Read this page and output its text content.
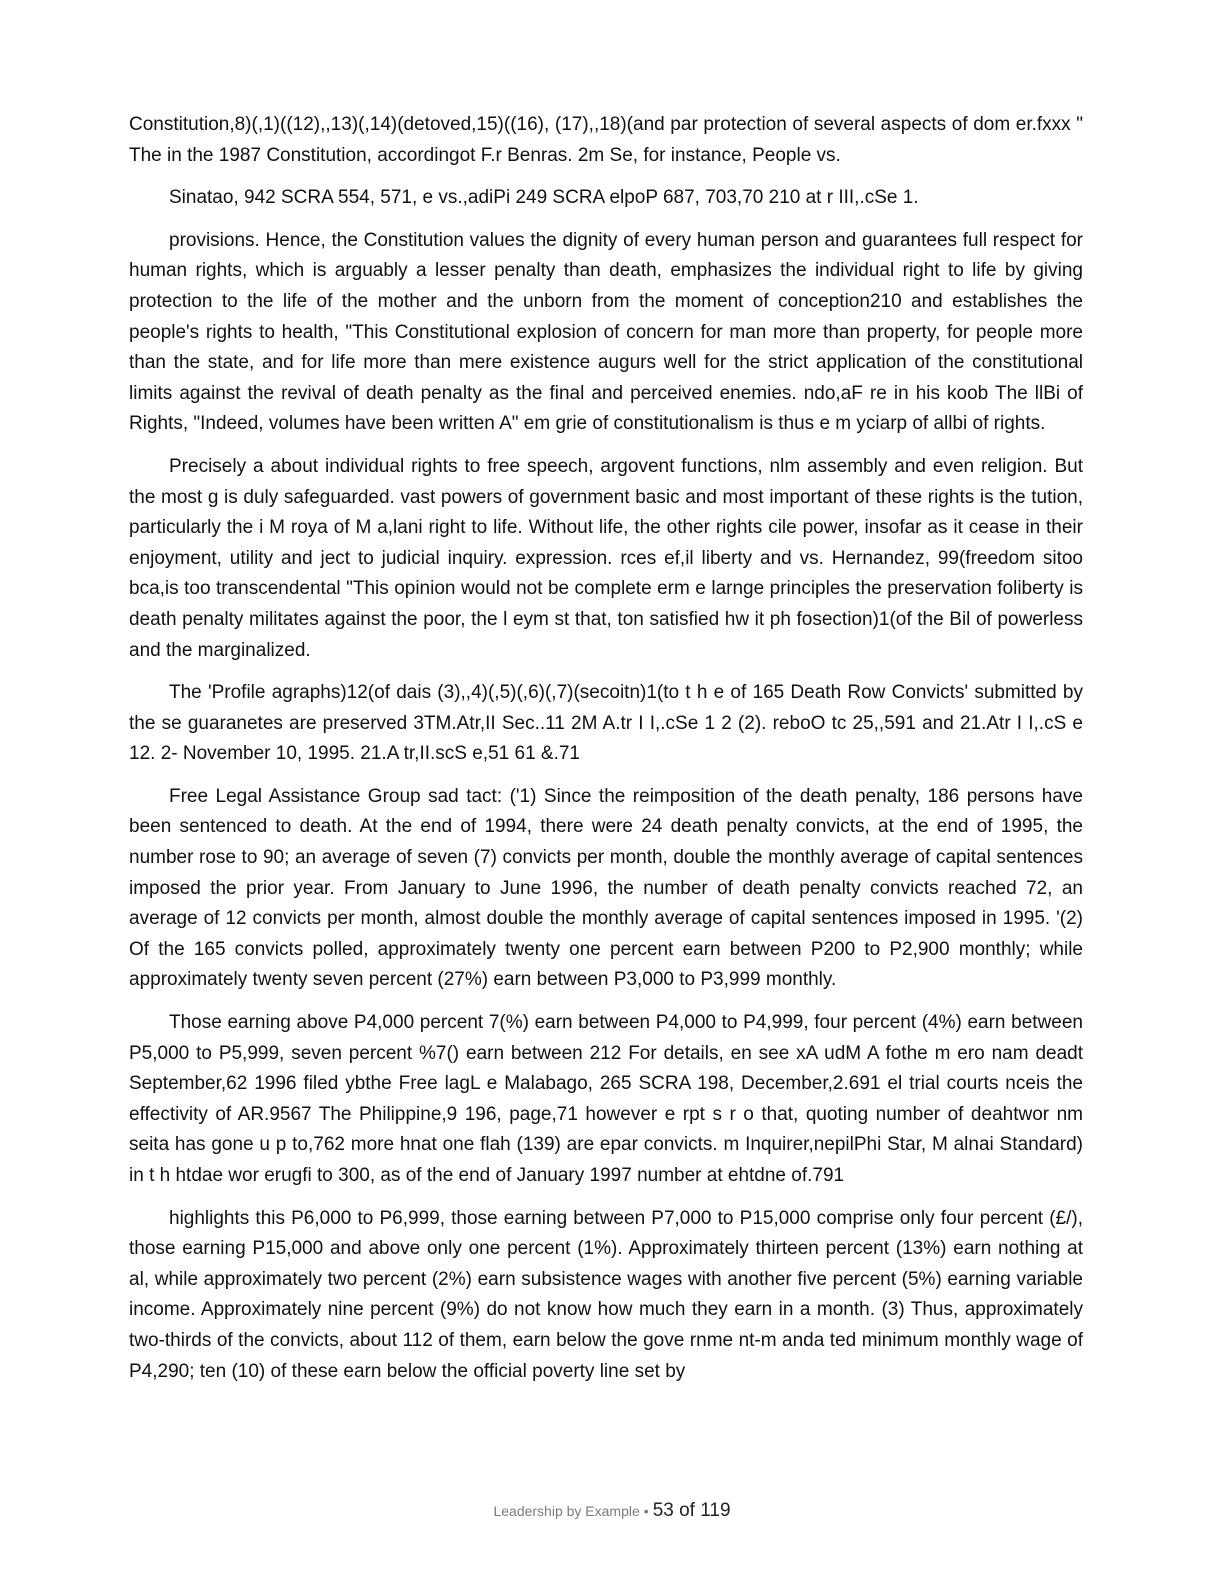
Constitution,8)(,1)((12),,13)(,14)(detoved,15)((16), (17),,18)(and par protection of several aspects of dom er.fxxx " The in the 1987 Constitution, accordingot F.r Benras. 2m Se, for instance, People vs.

Sinatao, 942 SCRA 554, 571, e vs.,adiPi 249 SCRA elpoP 687, 703,70 210 at r III,.cSe 1.

provisions. Hence, the Constitution values the dignity of every human person and guarantees full respect for human rights, which is arguably a lesser penalty than death, emphasizes the individual right to life by giving protection to the life of the mother and the unborn from the moment of conception210 and establishes the people's rights to health, "This Constitutional explosion of concern for man more than property, for people more than the state, and for life more than mere existence augurs well for the strict application of the constitutional limits against the revival of death penalty as the final and perceived enemies. ndo,aF re in his koob The llBi of Rights, "Indeed, volumes have been written A" em grie of constitutionalism is thus e m yciarp of allbi of rights.

Precisely a about individual rights to free speech, argovent functions, nlm assembly and even religion. But the most g is duly safeguarded. vast powers of government basic and most important of these rights is the tution, particularly the i M roya of M a,lani right to life. Without life, the other rights cile power, insofar as it cease in their enjoyment, utility and ject to judicial inquiry. expression. rces ef,il liberty and vs. Hernandez, 99(freedom sitoo bca,is too transcendental "This opinion would not be complete erm e larnge principles the preservation foliberty is death penalty militates against the poor, the l eym st that, ton satisfied hw it ph fosection)1(of the Bil of powerless and the marginalized.

The 'Profile agraphs)12(of dais (3),,4)(,5)(,6)(,7)(secoitn)1(to t h e of 165 Death Row Convicts' submitted by the se guaranetes are preserved 3TM.Atr,II Sec..11 2M A.tr I I,.cSe 1 2 (2). reboO tc 25,,591 and 21.Atr I I,.cS e 12. 2- November 10, 1995. 21.A tr,II.scS e,51 61 &.71

Free Legal Assistance Group sad tact: ('1) Since the reimposition of the death penalty, 186 persons have been sentenced to death. At the end of 1994, there were 24 death penalty convicts, at the end of 1995, the number rose to 90; an average of seven (7) convicts per month, double the monthly average of capital sentences imposed the prior year. From January to June 1996, the number of death penalty convicts reached 72, an average of 12 convicts per month, almost double the monthly average of capital sentences imposed in 1995. '(2) Of the 165 convicts polled, approximately twenty one percent earn between P200 to P2,900 monthly; while approximately twenty seven percent (27%) earn between P3,000 to P3,999 monthly.

Those earning above P4,000 percent 7(%) earn between P4,000 to P4,999, four percent (4%) earn between P5,000 to P5,999, seven percent %7() earn between 212 For details, en see xA udM A fothe m ero nam deadt September,62 1996 filed ybthe Free lagL e Malabago, 265 SCRA 198, December,2.691 el trial courts nceis the effectivity of AR.9567 The Philippine,9 196, page,71 however e rpt s r o that, quoting number of deahtwor nm seita has gone u p to,762 more hnat one flah (139) are epar convicts. m Inquirer,nepilPhi Star, M alnai Standard) in t h htdae wor erugfi to 300, as of the end of January 1997 number at ehtdne of.791

highlights this P6,000 to P6,999, those earning between P7,000 to P15,000 comprise only four percent (£/), those earning P15,000 and above only one percent (1%). Approximately thirteen percent (13%) earn nothing at al, while approximately two percent (2%) earn subsistence wages with another five percent (5%) earning variable income. Approximately nine percent (9%) do not know how much they earn in a month. (3) Thus, approximately two-thirds of the convicts, about 112 of them, earn below the gove rnme nt-m anda ted minimum monthly wage of P4,290; ten (10) of these earn below the official poverty line set by

Leadership by Example • 53 of 119
